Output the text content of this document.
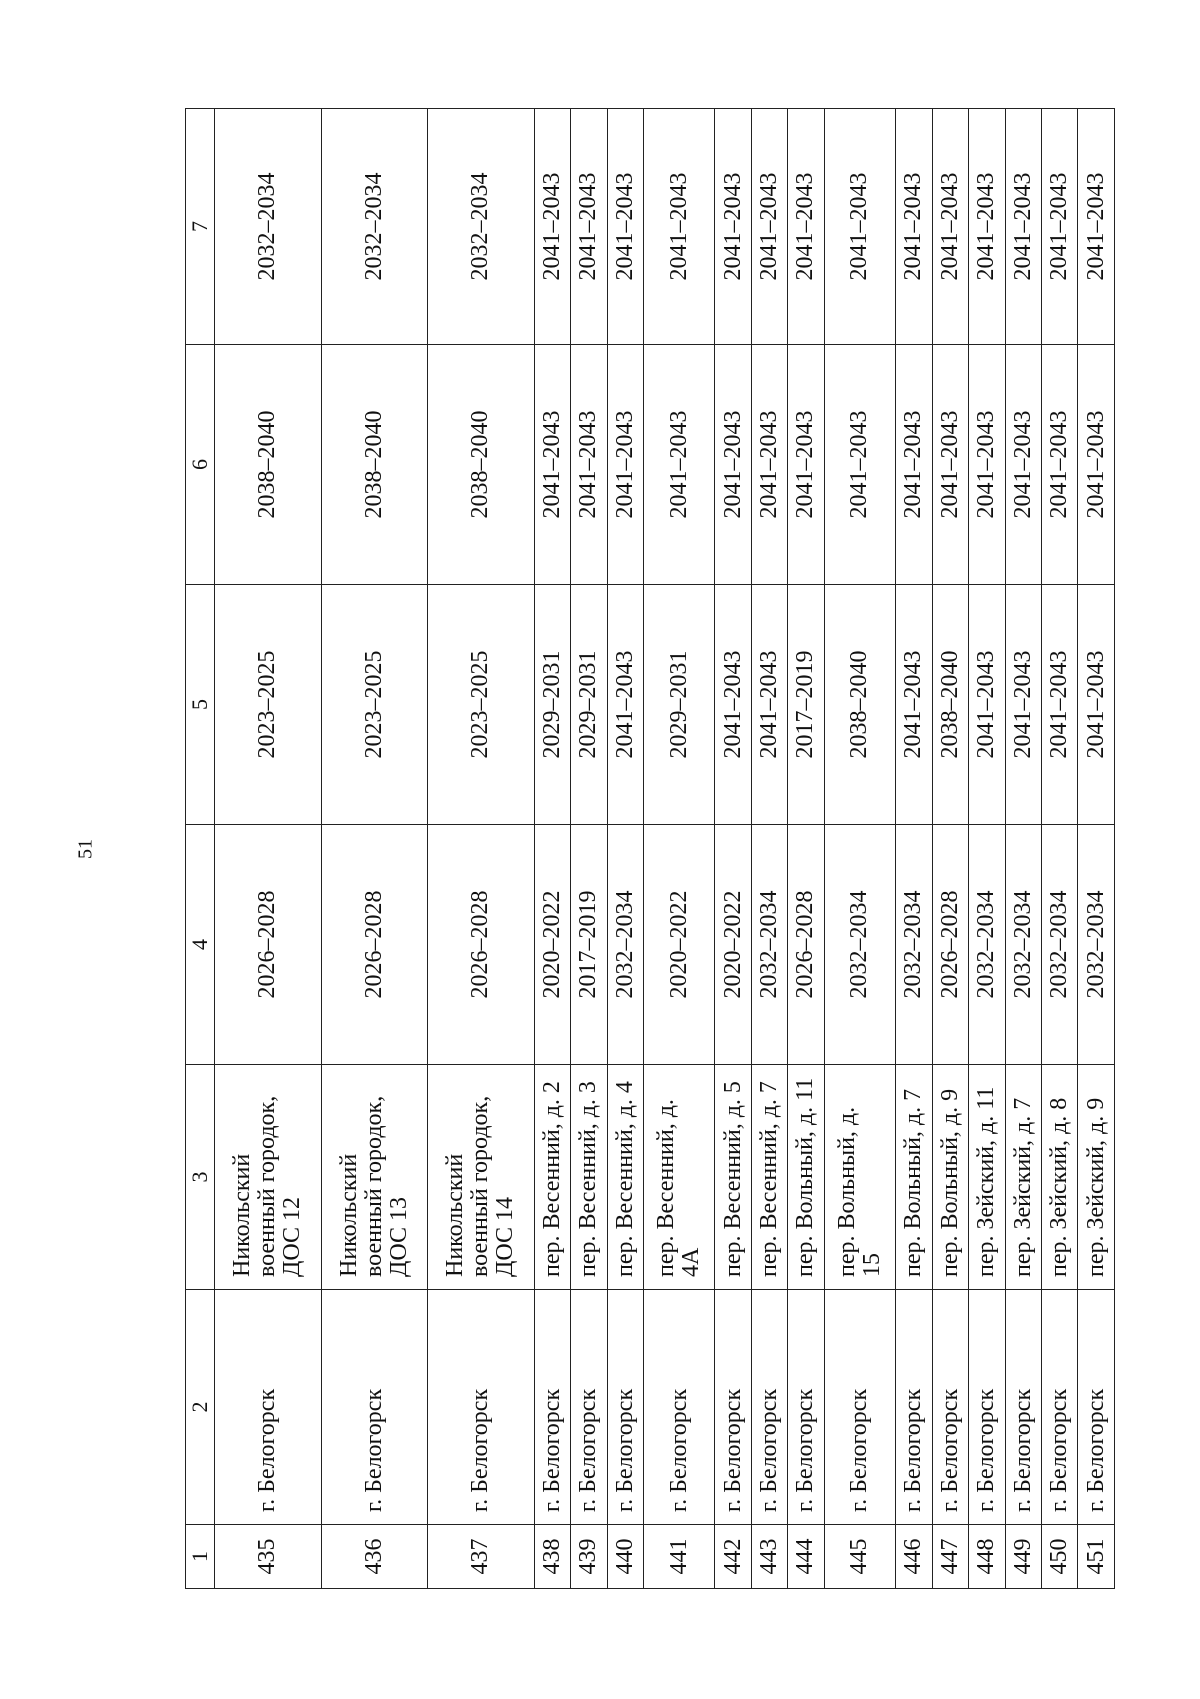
51
1	2	3	4	5	6	7
435	г. Белогорск	Никольский военный городок, ДОС 12	2026–2028	2023–2025	2038–2040	2032–2034
436	г. Белогорск	Никольский военный городок, ДОС 13	2026–2028	2023–2025	2038–2040	2032–2034
437	г. Белогорск	Никольский военный городок, ДОС 14	2026–2028	2023–2025	2038–2040	2032–2034
438	г. Белогорск	пер. Весенний, д. 2	2020–2022	2029–2031	2041–2043	2041–2043
439	г. Белогорск	пер. Весенний, д. 3	2017–2019	2029–2031	2041–2043	2041–2043
440	г. Белогорск	пер. Весенний, д. 4	2032–2034	2041–2043	2041–2043	2041–2043
441	г. Белогорск	пер. Весенний, д. 4А	2020–2022	2029–2031	2041–2043	2041–2043
442	г. Белогорск	пер. Весенний, д. 5	2020–2022	2041–2043	2041–2043	2041–2043
443	г. Белогорск	пер. Весенний, д. 7	2032–2034	2041–2043	2041–2043	2041–2043
444	г. Белогорск	пер. Вольный, д. 11	2026–2028	2017–2019	2041–2043	2041–2043
445	г. Белогорск	пер. Вольный, д. 15	2032–2034	2038–2040	2041–2043	2041–2043
446	г. Белогорск	пер. Вольный, д. 7	2032–2034	2041–2043	2041–2043	2041–2043
447	г. Белогорск	пер. Вольный, д. 9	2026–2028	2038–2040	2041–2043	2041–2043
448	г. Белогорск	пер. Зейский, д. 11	2032–2034	2041–2043	2041–2043	2041–2043
449	г. Белогорск	пер. Зейский, д. 7	2032–2034	2041–2043	2041–2043	2041–2043
450	г. Белогорск	пер. Зейский, д. 8	2032–2034	2041–2043	2041–2043	2041–2043
451	г. Белогорск	пер. Зейский, д. 9	2032–2034	2041–2043	2041–2043	2041–2043
